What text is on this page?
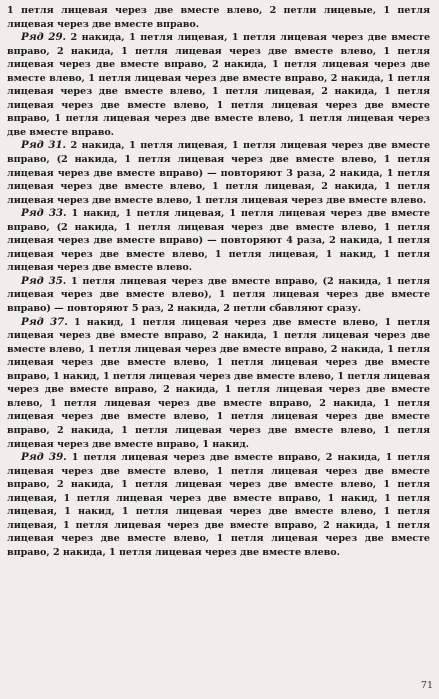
1 петля лицевая через две вместе влево, 2 петли лицевые, 1 петля лицевая через две вместе вправо.

Ряд 29. 2 накида, 1 петля лицевая, 1 петля лицевая через две вместе вправо, 2 накида, 1 петля лицевая через две вместе влево, 1 петля лицевая через две вместе вправо, 2 накида, 1 петля лицевая через две вместе влево, 1 петля лицевая через две вместе вправо, 2 накида, 1 петля лицевая через две вместе влево, 1 петля лицевая, 2 накида, 1 петля лицевая через две вместе влево, 1 петля лицевая через две вместе вправо, 1 петля лицевая через две вместе влево, 1 петля лицевая через две вместе вправо.

Ряд 31. 2 накида, 1 петля лицевая, 1 петля лицевая через две вместе вправо, (2 накида, 1 петля лицевая через две вместе влево, 1 петля лицевая через две вместе вправо) — повторяют 3 раза, 2 накида, 1 петля лицевая через две вместе влево, 1 петля лицевая, 2 накида, 1 петля лицевая через две вместе влево, 1 петля лицевая через две вместе влево.

Ряд 33. 1 накид, 1 петля лицевая, 1 петля лицевая через две вместе вправо, (2 накида, 1 петля лицевая через две вместе влево, 1 петля лицевая через две вместе вправо) — повторяют 4 раза, 2 накида, 1 петля лицевая через две вместе влево, 1 петля лицевая, 1 накид, 1 петля лицевая через две вместе влево.

Ряд 35. 1 петля лицевая через две вместе вправо, (2 накида, 1 петля лицевая через две вместе влево), 1 петля лицевая через две вместе вправо) — повторяют 5 раз, 2 накида, 2 петли сбавляют сразу.

Ряд 37. 1 накид, 1 петля лицевая через две вместе влево, 1 петля лицевая через две вместе вправо, 2 накида, 1 петля лицевая через две вместе влево, 1 петля лицевая через две вместе вправо, 2 накида, 1 петля лицевая через две вместе влево, 1 петля лицевая через две вместе вправо, 1 накид, 1 петля лицевая через две вместе влево, 1 петля лицевая через две вместе вправо, 2 накида, 1 петля лицевая через две вместе влево, 1 петля лицевая через две вместе вправо, 2 накида, 1 петля лицевая через две вместе влево, 1 петля лицевая через две вместе вправо, 2 накида, 1 петля лицевая через две вместе влево, 1 петля лицевая через две вместе вправо, 1 накид.

Ряд 39. 1 петля лицевая через две вместе вправо, 2 накида, 1 петля лицевая через две вместе влево, 1 петля лицевая через две вместе вправо, 2 накида, 1 петля лицевая через две вместе влево, 1 петля лицевая, 1 петля лицевая через две вместе вправо, 1 накид, 1 петля лицевая, 1 накид, 1 петля лицевая через две вместе влево, 1 петля лицевая, 1 петля лицевая через две вместе вправо, 2 накида, 1 петля лицевая через две вместе влево, 1 петля лицевая через две вместе вправо, 2 накида, 1 петля лицевая через две вместе влево.

71
